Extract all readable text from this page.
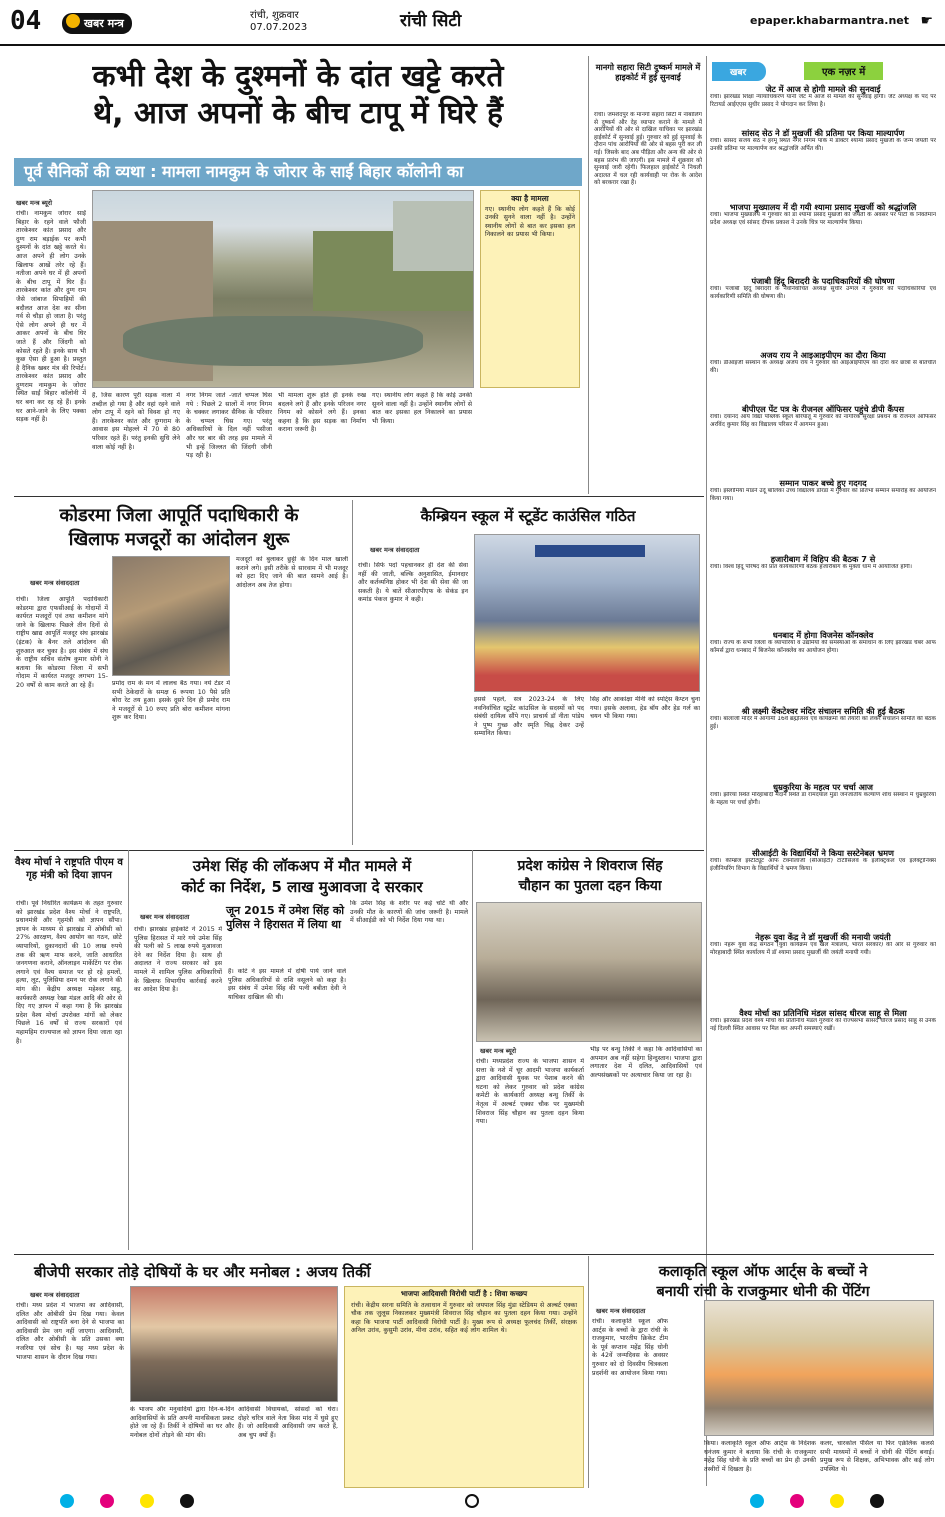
04	खबर मन्त्र
रांची, शुक्रवार
07.07.2023	रांची सिटी	epaper.khabarmantra.net ☛
कभी देश के दुश्मनों के दांत खट्टे करते
थे, आज अपनों के बीच टापू में घिरे हैं
पूर्व सैनिकों की व्यथा : मामला नामकुम के जोरार के साईं बिहार कॉलोनी का
खबर मन्त्र ब्यूरो
रांची। नामकुम जोरार साईं बिहार के रहने वाले फौजी तारकेश्वर कांत प्रसाद और दुग्ग राम बड़ाईक पर कभी दुश्मनों के दांत खट्टे करते थे। आज अपने ही लोग उनके खिलाफ आखें तरेर रहे हैं। नतीजा अपने घर में ही अपनों के बीच टापू में घिर हैं। तारकेश्वर कांत और दुग्ग राम जैसे जांबाज सिपाहियों की बदौलत आज देश का सीना गर्व से चौड़ा हो जाता है। परंतु ऐसे लोग अपने ही घर में आकर अपनों के बीच घिर जाते हैं और जिंदगी को कोसते रहते हैं। इनके साथ भी कुछ ऐसा ही हुआ है। प्रस्तुत है दैनिक खबर मंत्र की रिपोर्ट। तारकेश्वर कांत प्रसाद और दुग्गराम नामकुम के जोरार स्थित साईं बिहार कॉलोनी में घर बना कर रह रहे हैं। इनके घर आने-जाने के लिए पक्का सड़क नहीं है।
क्या है मामला
गए। स्थानीय लोग कहते हैं कि कोई उनकी सुनने वाला नहीं है। उन्होंने स्थानीय लोगों से बात कर इसका हल निकालने का प्रयास भी किया।
है, जिस कारण पूरी सड़क नाला में तब्दील हो गया है और वहां रहने वाले लोग टापू में रहने को विवश हो गए हैं। तारकेश्वर कांत और दुग्गराम के आवास इस मोहल्ले में 70 से 80 परिवार रहते हैं। परंतु इनकी सुधि लेने वाला कोई नहीं है।
नगर निगम जाते -जाते चप्पल घिस गये : पिछले 2 सालों में नगर निगम के चक्कर लगाकर सैनिक के परिवार के चप्पल घिस गए। परंतु अधिकारियों के दिल नहीं पसीजा और घर बार की तरह इस मामले में भी इन्हें जिल्लत की जिंदगी जीनी पड़ रही है।
भी मामला शुरू होते ही इनके रुख बदलने लगे हैं और इनके परिजन नगर निगम को कोसने लगे हैं। इनका कहना है कि इस सड़क का निर्माण कराना जरूरी है।
गए। स्थानीय लोग कहते हैं कि कोई उनकी सुनने वाला नहीं है। उन्होंने स्थानीय लोगों से बात कर इसका हल निकालने का प्रयास भी किया।
मानगो सहारा सिटी दुष्कर्म मामले में हाइकोर्ट में हुई सुनवाई
रांची। जमशेदपुर के मानगो सहारा सिटी में नाबालिग से दुष्कर्म और देह व्यापार कराने के मामले में आरोपियों की ओर से दाखिल याचिका पर झारखंड हाईकोर्ट में सुनवाई हुई। गुरुवार को हुई सुनवाई के दौरान पांच आरोपियों की ओर से बहस पूरी कर ली गई। जिसके बाद अब पीड़िता और अन्य की ओर से बहस प्रारंभ की जाएगी। इस मामले में शुक्रवार को सुनवाई जारी रहेगी। फिलहाल हाईकोर्ट ने निचली अदालत में चल रही कार्यवाही पर रोक के आदेश को बरकरार रखा है।
खबर	एक नज़र में
जेट में आज से होगी मामले की सुनवाई
रांची। झारखंड शिक्षा न्यायाधिकरण यानी जेट में आज से मामले की सुनवाई होगी। जेट अध्यक्ष के पद पर रिटायर्ड आईएएस सुधीर प्रसाद ने योगदान कर लिया है।
सांसद सेठ ने डॉ मुखर्जी की प्रतिमा पर किया माल्यार्पण
रांची। सांसद संजय सेठ ने हरमू स्थित नगर निगम पार्क में डॉक्टर श्यामा प्रसाद मुखर्जी के जन्म जयंती पर उनकी प्रतिमा पर माल्यार्पण कर श्रद्धांजलि अर्पित की।
भाजपा मुख्यालय में दी गयी श्यामा प्रसाद मुखर्जी को श्रद्धांजलि
रांची। भाजपा मुख्यालय में गुरुवार को डॉ श्यामा प्रसाद मुखर्जी की जयंती के अवसर पर पार्टी के निवर्तमान प्रदेश अध्यक्ष एवं सांसद दीपक प्रकाश ने उनके चित्र पर माल्यार्पण किया।
पंजाबी हिंदू बिरादरी के पदाधिकारियों की घोषणा
रांची। पंजाबी हिंदू बिरादरी के नवनिर्वाचित अध्यक्ष सुधीर उग्गल ने गुरुवार को पदाधिकारियों एवं कार्यकारिणी समिति की घोषणा की।
अजय राय ने आइआइपीएम का दौरा किया
रांची। डीआइजी संस्थान के अध्यक्ष अजय राय ने गुरुवार को आईआईपीएम का दौरा कर छात्रों से बातचीत की।
बीपीएल पेंट पत्र के रीजनल ऑफिसर पहुंचे डीपी कैंपस
रांची। दयानंद आर्य विद्या पब्लिक स्कूल बरियातू में गुरुवार को नागरिक सुरक्षा प्रबंधन के रीजनल ऑफिसर अरविंद कुमार सिंह का विद्यालय परिसर में आगमन हुआ।
सम्मान पाकर बच्चे हुए गदगद
रांची। इस्लामिया मॉडर्न उर्दू बालिका उच्च विद्यालय डोरंडा में गुरुवार को प्रतिभा सम्मान समारोह का आयोजन किया गया।
हजारीबाग में विहिप की बैठक 7 से
रांची। विश्व हिंदू परिषद की प्रांत कार्यकारिणी बैठक हजारीबाग के मुक्ता धाम में आयोजित होगी।
धनबाद में होगा विजनेस कॉनक्लेव
रांची। राज्य के सभी जिलों के व्यापारियों व उद्यमियों की समस्याओं के समाधान के लिए झारखंड चैंबर ऑफ कॉमर्स द्वारा धनबाद में बिजनेस कॉनक्लेव का आयोजन होगा।
श्री लक्ष्मी वेंकटेश्वर मंदिर संचालन समिति की हुई बैठक
रांची। बालाजी मंदिर में आगामी 16वें ब्रह्मोत्सव एवं कार्यक्रमों की तैयारी को लेकर संचालन समिति की बैठक हुई।
धुम्रकुरिया के महत्व पर चर्चा आज
रांची। झरिया स्थित मोरहाबादी मैदान स्थित डॉ रामदयाल मुंडा जनजातीय कल्याण शोध संस्थान में धुम्रकुरिया के महत्व पर चर्चा होगी।
सीआईटी के विद्यार्थियों ने किया सस्टेनेबल भ्रमण
रांची। कैम्ब्रिज इंस्टीट्यूट ऑफ टेक्नोलॉजी (सीआईटी) टाटीसिलवे के इलेक्ट्रिकल एवं इलेक्ट्रॉनिक्स इंजीनियरिंग विभाग के विद्यार्थियों ने भ्रमण किया।
नेहरू युवा केंद्र ने डॉ मुखर्जी की मनायी जयंती
रांची। नेहरू युवा केंद्र संगठन (युवा कार्यक्रम एवं खेल मंत्रालय, भारत सरकार) की ओर से गुरुवार को मोरहाबादी स्थित कार्यालय में डॉ श्यामा प्रसाद मुखर्जी की जयंती मनायी गयी।
वैश्य मोर्चा का प्रतिनिधि मंडल सांसद धीरज साहू से मिला
रांची। झारखंड प्रदेश वैश्य मोर्चा का प्रतिनिधि मंडल गुरुवार को राज्यसभा सांसद धीरज प्रसाद साहू से उनके नई दिल्ली स्थित आवास पर मिल कर अपनी समस्याएं रखीं।
कोडरमा जिला आपूर्ति पदाधिकारी के
खिलाफ मजदूरों का आंदोलन शुरू
खबर मन्त्र संवाददाता
रांची। जिला आपूर्ति पदाधिकारी कोडरमा द्वारा एफसीआई के गोदामों में कार्यरत मजदूरों एवं तथा कमीशन मांगे जाने के खिलाफ पिछले तीन दिनों से राष्ट्रीय खाद्य आपूर्ति मजदूर संघ झारखंड (इंटक) के बैनर तले आंदोलन की शुरुआत कर चुका है। इस संबंध में संघ के राष्ट्रीय सचिव संतोष कुमार सोनी ने बताया कि कोडरमा जिला में सभी गोदाम में कार्यरत मजदूर लगभग 15-20 वर्षों से काम करते आ रहे हैं।	प्रमोद राम के मन में लालच बैठ गया। नये टेंडर में सभी ठेकेदारों के समक्ष 6 रूपया 10 पैसे प्रति बोरा रेट तय हुआ। इसके दूसरे दिन ही प्रमोद राम ने मजदूरों से 10 रुपए प्रति बोरा कमीशन मांगना शुरू कर दिया।
मजदूरों को बुलाकर छुट्टी के दिन माल खाली कराने लगे। इसी तरीके से सारवाम में भी मजदूर को हटा दिए जाने की बात सामने आई है। आंदोलन अब तेज होगा।
कैम्ब्रियन स्कूल में स्टूडेंट काउंसिल गठित
खबर मन्त्र संवाददाता
रांची। सिर्फ पदों पहचानकर ही देश की सेवा नहीं की जाती, बल्कि अनुशासित, ईमानदार और कर्तव्यनिष्ठ होकर भी देश की सेवा की जा सकती है। ये बातें सीआरपीएफ के सेकंड इन कमांड पंकज कुमार ने कही।
इससे पहले, सत्र 2023-24 के लिए नवनिर्वाचित स्टूडेंट कांउसिल के सदस्यों को पद संबंधी दायित्व सौंपे गए। प्राचार्य डॉ नीता पांडेय ने पुष्प गुच्छ और स्मृति चिह्न देकर उन्हें सम्मानित किया।
सिंह और आकांक्षा मीनी को स्पोर्ट्स कैप्टन चुना गया। इसके अलावा, हेड बॉय और हेड गर्ल का चयन भी किया गया।
वैश्य मोर्चा ने राष्ट्रपति पीएम व गृह मंत्री को दिया ज्ञापन
रांची। पूर्व निर्धारित कार्यक्रम के तहत गुरुवार को झारखंड प्रदेश वैश्य मोर्चा ने राष्ट्रपति, प्रधानमंत्री और गृहमंत्री को ज्ञापन सौंपा। ज्ञापन के माध्यम से झारखंड में ओबीसी को 27% आरक्षण, वैश्य आयोग का गठन, छोटे व्यापारियों, दुकानदारों की 10 लाख रुपये तक की ऋण माफ करने, जाति आधारित जनगणना कराने, ऑनलाइन मार्केटिंग पर रोक लगाने एवं वैश्य समाज पर हो रहे हमलों, हत्या, लूट, पुलिसिया दमन पर रोक लगाने की मांग की। केंद्रीय अध्यक्ष महेश्वर साहू, कार्यकारी अध्यक्ष रेखा मंडल आदि की ओर से दिए गए ज्ञापन में कहा गया है कि झारखंड प्रदेश वैश्य मोर्चा उपरोक्त मांगों को लेकर पिछले 16 वर्षों से राज्य सरकारों एवं महामहिम राज्यपाल को ज्ञापन दिया जाता रहा है।
उमेश सिंह की लॉकअप में मौत मामले में
कोर्ट का निर्देश, 5 लाख मुआवजा दे सरकार
खबर मन्त्र संवाददाता	जून 2015 में उमेश सिंह को पुलिस ने हिरासत में लिया था
रांची। झारखंड हाईकोर्ट ने 2015 में पुलिस हिरासत में मारे गये उमेश सिंह की पत्नी को 5 लाख रुपये मुआवजा देने का निर्देश दिया है। साथ ही अदालत ने राज्य सरकार को इस मामले में शामिल पुलिस अधिकारियों के खिलाफ विभागीय कार्रवाई करने का आदेश दिया है।
है। कोर्ट ने इस मामले में दोषी पाये जाने वाले पुलिस अधिकारियों से राशि वसूलने को कहा है। इस संबंध में उमेश सिंह की पत्नी बबीता देवी ने याचिका दाखिल की थी।
कि उमेश सिंह के शरीर पर कई चोटें थीं और उनकी मौत के कारणों की जांच जरूरी है। मामले में सीआईडी को भी निर्देश दिया गया था।
प्रदेश कांग्रेस ने शिवराज सिंह
चौहान का पुतला दहन किया
खबर मन्त्र ब्यूरो
रांची। मध्यप्रदेश राज्य के भाजपा शासन में सत्ता के नशे में चूर आदमी भाजपा कार्यकर्ता द्वारा आदिवासी युवक पर पेशाब करने की घटना को लेकर गुरुवार को प्रदेश कांग्रेस कमेटी के कार्यकारी अध्यक्ष बन्धु तिर्की के नेतृत्व में अल्बर्ट एक्का चौक पर मुख्यमंत्री शिवराज सिंह चौहान का पुतला दहन किया गया।
भीड़ पर बन्धु तिर्की ने कहा कि आदिवासियों का अपमान अब नहीं सहेगा हिन्दुस्तान। भाजपा द्वारा लगातार देश में दलित, आदिवासियों एवं अल्पसंख्यकों पर अत्याचार किया जा रहा है।
बीजेपी सरकार तोड़े दोषियों के घर और मनोबल : अजय तिर्की
खबर मन्त्र संवाददाता
रांची। मध्य प्रदेश में भाजपा का आदिवासी, दलित और ओबीसी प्रेम दिख गया। केवल आदिवासी को राष्ट्रपति बना देने से भाजपा का आदिवासी प्रेम जग नहीं जाएगा। आदिवासी, दलित और ओबीसी के प्रति उसका क्या नजरिया एवं सोच है। यह मध्य प्रदेश के भाजपा शासन के दौरान दिख गया।
के भाजप और मनुवादियों द्वारा दिन-ब-दिन आदिवासियों के प्रति अपनी मानसिकता प्रकट होते जा रहे हैं। तिर्की ने दोषियों का घर और मनोबल दोनों तोड़ने की मांग की।
आदिवासी विधायकों, सांसदों को घेरा। दोहरे चरित्र वाले नेता किस मांद में घुसे हुए हैं। जो आदिवासी आदिवासी जप करते हैं, अब चुप क्यों हैं।
भाजपा आदिवासी विरोधी पार्टी है : शिवा कच्छप
रांची। केंद्रीय सरना समिति के तत्वाधान में गुरुवार को जयपाल सिंह मुंडा स्टेडियम से अल्बर्ट एक्का चौक तक जुलूस निकालकर मुख्यमंत्री शिवराज सिंह चौहान का पुतला दहन किया गया। उन्होंने कहा कि भाजपा पार्टी आदिवासी विरोधी पार्टी है। मुख्य रूप से अध्यक्ष फूलचंद तिर्की, संरक्षक अनिल उरांव, कुसुमी उरांव, मीना उरांव, सहित कई लोग शामिल थे।
कलाकृति स्कूल ऑफ आर्ट्स के बच्चों ने
बनायी रांची के राजकुमार धोनी की पेंटिंग
खबर मन्त्र संवाददाता
रांची। कलाकृति स्कूल ऑफ आर्ट्स के बच्चों के द्वारा रांची के राजकुमार, भारतीय क्रिकेट टीम के पूर्व कप्तान महेंद्र सिंह धोनी के 42वें जन्मदिवस के अवसर गुरुवार को दो दिवसीय चित्रकला प्रदर्शनी का आयोजन किया गया।
किया। कलाकृति स्कूल ऑफ आर्ट्स के निदेशक धनंजय कुमार ने बताया कि रांची के राजकुमार महेंद्र सिंह धोनी के प्रति बच्चों का प्रेम ही उनकी तस्वीरों में दिखता है।
कलर, चारकोल पेंसिल या फिर एक्रेलिक कलर्स सभी माध्यमों में बच्चों ने धोनी की पेंटिंग बनाई। प्रमुख रूप से शिक्षक, अभिभावक और कई लोग उपस्थित थे।
